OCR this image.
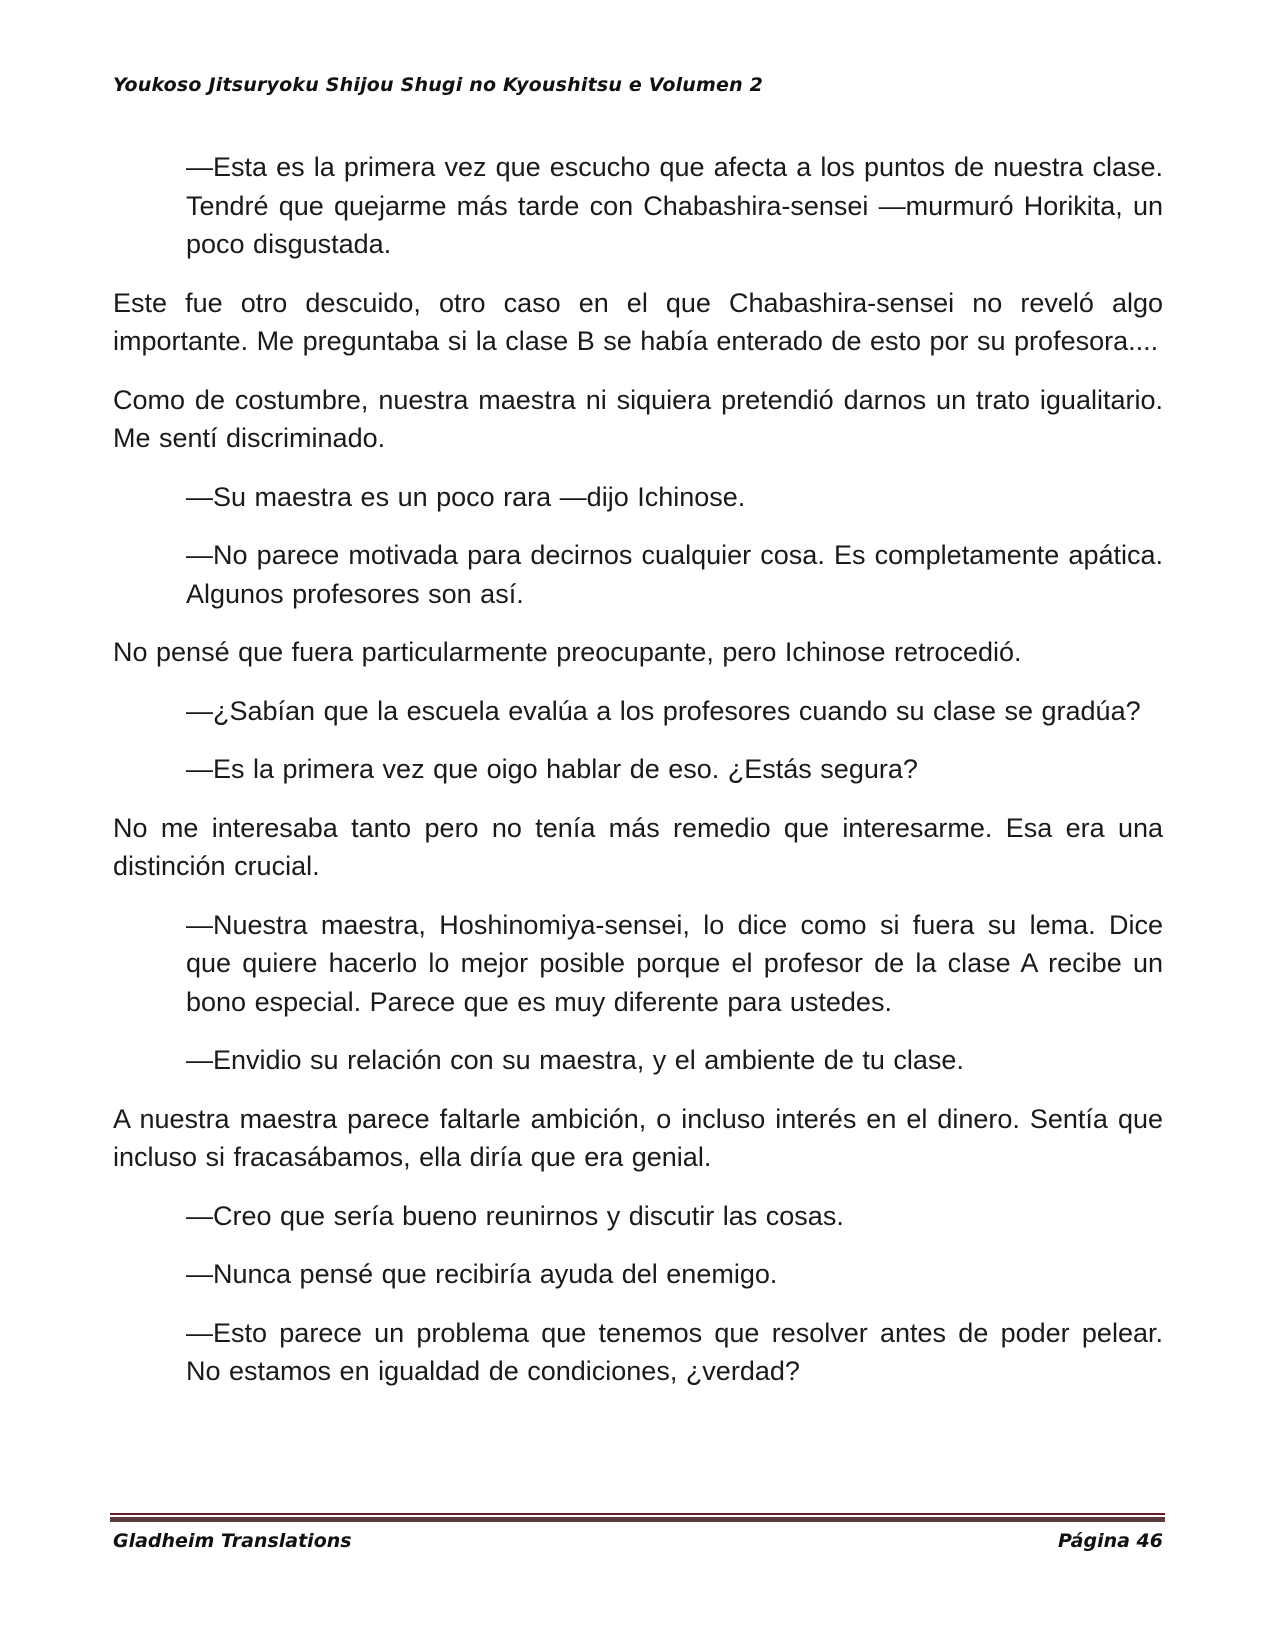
Youkoso Jitsuryoku Shijou Shugi no Kyoushitsu e Volumen 2

—Esta es la primera vez que escucho que afecta a los puntos de nuestra clase. Tendré que quejarme más tarde con Chabashira-sensei —murmuró Horikita, un poco disgustada.

Este fue otro descuido, otro caso en el que Chabashira-sensei no reveló algo importante. Me preguntaba si la clase B se había enterado de esto por su profesora....

Como de costumbre, nuestra maestra ni siquiera pretendió darnos un trato igualitario. Me sentí discriminado.

—Su maestra es un poco rara —dijo Ichinose.

—No parece motivada para decirnos cualquier cosa. Es completamente apática. Algunos profesores son así.

No pensé que fuera particularmente preocupante, pero Ichinose retrocedió.

—¿Sabían que la escuela evalúa a los profesores cuando su clase se gradúa?

—Es la primera vez que oigo hablar de eso. ¿Estás segura?

No me interesaba tanto pero no tenía más remedio que interesarme. Esa era una distinción crucial.

—Nuestra maestra, Hoshinomiya-sensei, lo dice como si fuera su lema. Dice que quiere hacerlo lo mejor posible porque el profesor de la clase A recibe un bono especial. Parece que es muy diferente para ustedes.

—Envidio su relación con su maestra, y el ambiente de tu clase.

A nuestra maestra parece faltarle ambición, o incluso interés en el dinero. Sentía que incluso si fracasábamos, ella diría que era genial.

—Creo que sería bueno reunirnos y discutir las cosas.

—Nunca pensé que recibiría ayuda del enemigo.

—Esto parece un problema que tenemos que resolver antes de poder pelear. No estamos en igualdad de condiciones, ¿verdad?

Gladheim Translations	Página 46
